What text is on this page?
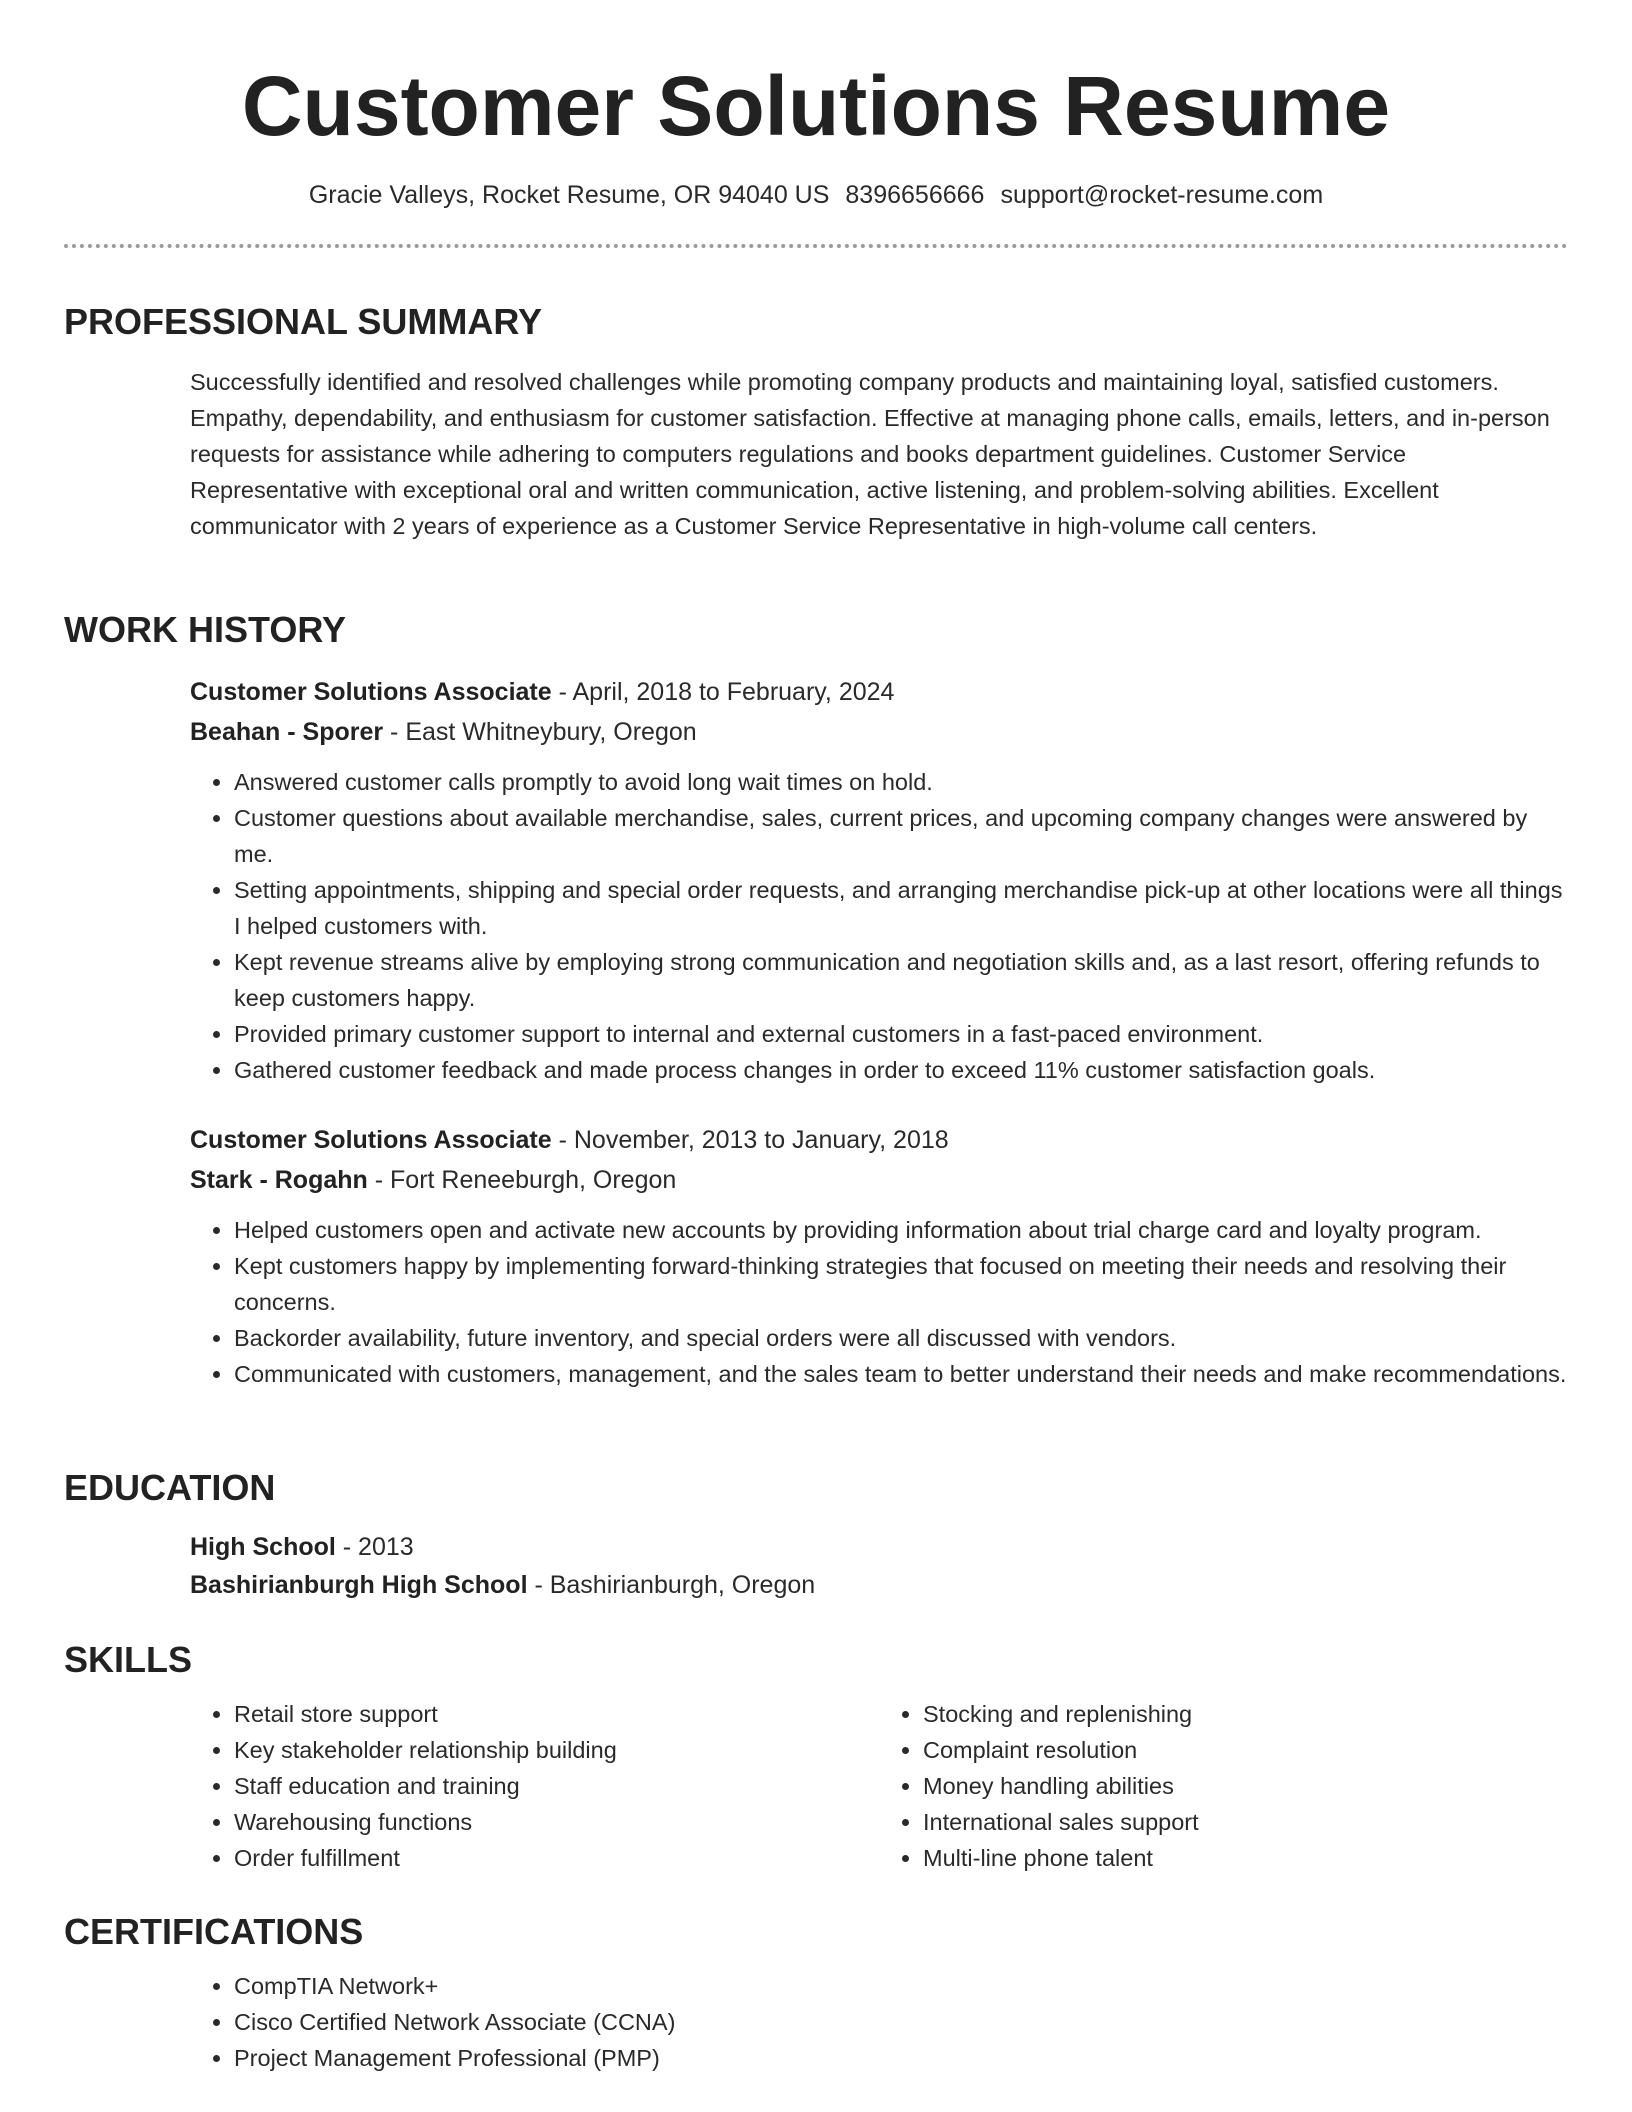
Customer Solutions Resume
Gracie Valleys, Rocket Resume, OR 94040 US 8396656666 support@rocket-resume.com
PROFESSIONAL SUMMARY
Successfully identified and resolved challenges while promoting company products and maintaining loyal, satisfied customers. Empathy, dependability, and enthusiasm for customer satisfaction. Effective at managing phone calls, emails, letters, and in-person requests for assistance while adhering to computers regulations and books department guidelines. Customer Service Representative with exceptional oral and written communication, active listening, and problem-solving abilities. Excellent communicator with 2 years of experience as a Customer Service Representative in high-volume call centers.
WORK HISTORY
Customer Solutions Associate - April, 2018 to February, 2024
Beahan - Sporer - East Whitneybury, Oregon
• Answered customer calls promptly to avoid long wait times on hold.
• Customer questions about available merchandise, sales, current prices, and upcoming company changes were answered by me.
• Setting appointments, shipping and special order requests, and arranging merchandise pick-up at other locations were all things I helped customers with.
• Kept revenue streams alive by employing strong communication and negotiation skills and, as a last resort, offering refunds to keep customers happy.
• Provided primary customer support to internal and external customers in a fast-paced environment.
• Gathered customer feedback and made process changes in order to exceed 11% customer satisfaction goals.
Customer Solutions Associate - November, 2013 to January, 2018
Stark - Rogahn - Fort Reneeburgh, Oregon
• Helped customers open and activate new accounts by providing information about trial charge card and loyalty program.
• Kept customers happy by implementing forward-thinking strategies that focused on meeting their needs and resolving their concerns.
• Backorder availability, future inventory, and special orders were all discussed with vendors.
• Communicated with customers, management, and the sales team to better understand their needs and make recommendations.
EDUCATION
High School - 2013
Bashirianburgh High School - Bashirianburgh, Oregon
SKILLS
• Retail store support
• Key stakeholder relationship building
• Staff education and training
• Warehousing functions
• Order fulfillment
• Stocking and replenishing
• Complaint resolution
• Money handling abilities
• International sales support
• Multi-line phone talent
CERTIFICATIONS
• CompTIA Network+
• Cisco Certified Network Associate (CCNA)
• Project Management Professional (PMP)
